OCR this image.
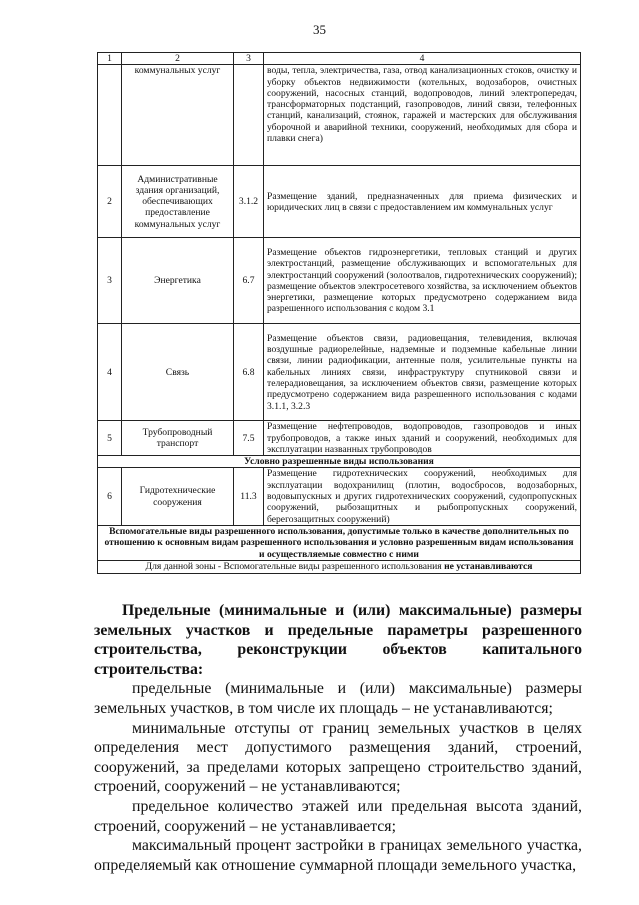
35
1	2	3	4
	коммунальных услуг		воды, тепла, электричества, газа, отвод канализационных стоков, очистку и уборку объектов недвижимости (котельных, водозаборов, очистных сооружений, насосных станций, водопроводов, линий электропередач, трансформаторных подстанций, газопроводов, линий связи, телефонных станций, канализаций, стоянок, гаражей и мастерских для обслуживания уборочной и аварийной техники, сооружений, необходимых для сбора и плавки снега)
2	Административные здания организаций, обеспечивающих предоставление коммунальных услуг	3.1.2	Размещение зданий, предназначенных для приема физических и юридических лиц в связи с предоставлением им коммунальных услуг
3	Энергетика	6.7	Размещение объектов гидроэнергетики, тепловых станций и других электростанций, размещение обслуживающих и вспомогательных для электростанций сооружений (золоотвалов, гидротехнических сооружений); размещение объектов электросетевого хозяйства, за исключением объектов энергетики, размещение которых предусмотрено содержанием вида разрешенного использования с кодом 3.1
4	Связь	6.8	Размещение объектов связи, радиовещания, телевидения, включая воздушные радиорелейные, надземные и подземные кабельные линии связи, линии радиофикации, антенные поля, усилительные пункты на кабельных линиях связи, инфраструктуру спутниковой связи и телерадиовещания, за исключением объектов связи, размещение которых предусмотрено содержанием вида разрешенного использования с кодами 3.1.1, 3.2.3
5	Трубопроводный транспорт	7.5	Размещение нефтепроводов, водопроводов, газопроводов и иных трубопроводов, а также иных зданий и сооружений, необходимых для эксплуатации названных трубопроводов
Условно разрешенные виды использования			
6	Гидротехнические сооружения	11.3	Размещение гидротехнических сооружений, необходимых для эксплуатации водохранилищ (плотин, водосбросов, водозаборных, водовыпускных и других гидротехнических сооружений, судопропускных сооружений, рыбозащитных и рыбопропускных сооружений, берегозащитных сооружений)
Вспомогательные виды разрешенного использования, допустимые только в качестве дополнительных по отношению к основным видам разрешенного использования и условно разрешенным видам использования и осуществляемые совместно с ними			
Для данной зоны - Вспомогательные виды разрешенного использования не устанавливаются			

Предельные (минимальные и (или) максимальные) размеры земельных участков и предельные параметры разрешенного строительства, реконструкции объектов капитального строительства:

предельные (минимальные и (или) максимальные) размеры земельных участков, в том числе их площадь – не устанавливаются;

минимальные отступы от границ земельных участков в целях определения мест допустимого размещения зданий, строений, сооружений, за пределами которых запрещено строительство зданий, строений, сооружений – не устанавливаются;

предельное количество этажей или предельная высота зданий, строений, сооружений – не устанавливается;

максимальный процент застройки в границах земельного участка, определяемый как отношение суммарной площади земельного участка,
